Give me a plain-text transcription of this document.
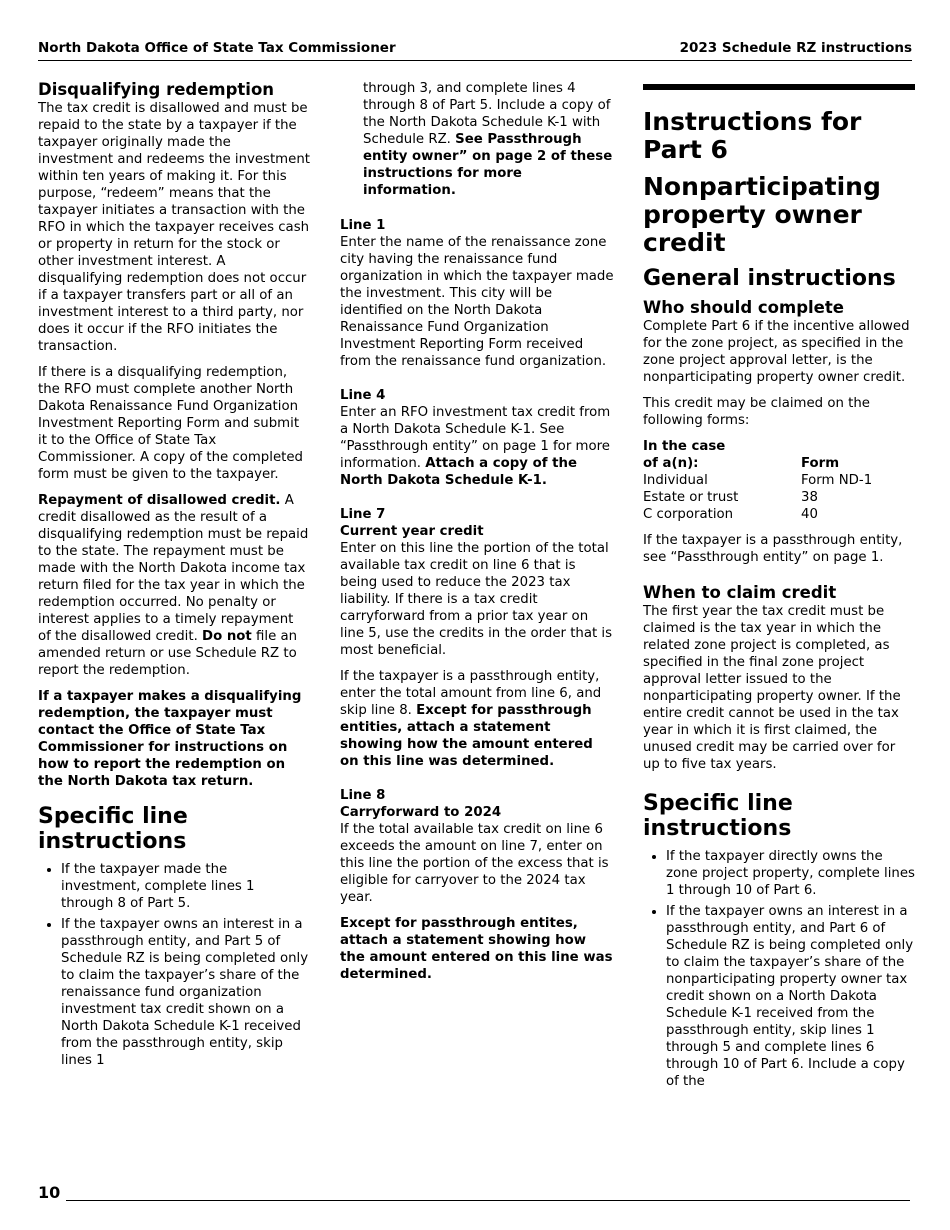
North Dakota Office of State Tax Commissioner	2023 Schedule RZ instructions
Disqualifying redemption

The tax credit is disallowed and must be repaid to the state by a taxpayer if the taxpayer originally made the investment and redeems the investment within ten years of making it. For this purpose, “redeem” means that the taxpayer initiates a transaction with the RFO in which the taxpayer receives cash or property in return for the stock or other investment interest. A disqualifying redemption does not occur if a taxpayer transfers part or all of an investment interest to a third party, nor does it occur if the RFO initiates the transaction.

If there is a disqualifying redemption, the RFO must complete another North Dakota Renaissance Fund Organization Investment Reporting Form and submit it to the Office of State Tax Commissioner. A copy of the completed form must be given to the taxpayer.

Repayment of disallowed credit. A credit disallowed as the result of a disqualifying redemption must be repaid to the state. The repayment must be made with the North Dakota income tax return filed for the tax year in which the redemption occurred. No penalty or interest applies to a timely repayment of the disallowed credit. Do not file an amended return or use Schedule RZ to report the redemption.

If a taxpayer makes a disqualifying redemption, the taxpayer must contact the Office of State Tax Commissioner for instructions on how to report the redemption on the North Dakota tax return.

Specific line instructions
• If the taxpayer made the investment, complete lines 1 through 8 of Part 5.
• If the taxpayer owns an interest in a passthrough entity, and Part 5 of Schedule RZ is being completed only to claim the taxpayer’s share of the renaissance fund organization investment tax credit shown on a North Dakota Schedule K-1 received from the passthrough entity, skip lines 1
through 3, and complete lines 4 through 8 of Part 5. Include a copy of the North Dakota Schedule K-1 with Schedule RZ. See Passthrough entity owner” on page 2 of these instructions for more information.
Line 1

Enter the name of the renaissance zone city having the renaissance fund organization in which the taxpayer made the investment. This city will be identified on the North Dakota Renaissance Fund Organization Investment Reporting Form received from the renaissance fund organization.

Line 4

Enter an RFO investment tax credit from a North Dakota Schedule K-1. See “Passthrough entity” on page 1 for more information. Attach a copy of the North Dakota Schedule K-1.

Line 7
Current year credit

Enter on this line the portion of the total available tax credit on line 6 that is being used to reduce the 2023 tax liability. If there is a tax credit carryforward from a prior tax year on line 5, use the credits in the order that is most beneficial.

If the taxpayer is a passthrough entity, enter the total amount from line 6, and skip line 8. Except for passthrough entities, attach a statement showing how the amount entered on this line was determined.

Line 8
Carryforward to 2024

If the total available tax credit on line 6 exceeds the amount on line 7, enter on this line the portion of the excess that is eligible for carryover to the 2024 tax year.

Except for passthrough entites, attach a statement showing how the amount entered on this line was determined.

Instructions for Part 6
Nonparticipating property owner credit
General instructions
Who should complete

Complete Part 6 if the incentive allowed for the zone project, as specified in the zone project approval letter, is the nonparticipating property owner credit.

This credit may be claimed on the following forms:

In the case
of a(n):	Form
Individual	Form ND-1
Estate or trust	38
C corporation	40

If the taxpayer is a passthrough entity, see “Passthrough entity” on page 1.

When to claim credit

The first year the tax credit must be claimed is the tax year in which the related zone project is completed, as specified in the final zone project approval letter issued to the nonparticipating property owner. If the entire credit cannot be used in the tax year in which it is first claimed, the unused credit may be carried over for up to five tax years.

Specific line instructions
• If the taxpayer directly owns the zone project property, complete lines 1 through 10 of Part 6.
• If the taxpayer owns an interest in a passthrough entity, and Part 6 of Schedule RZ is being completed only to claim the taxpayer’s share of the nonparticipating property owner tax credit shown on a North Dakota Schedule K-1 received from the passthrough entity, skip lines 1 through 5 and complete lines 6 through 10 of Part 6. Include a copy of the
10
